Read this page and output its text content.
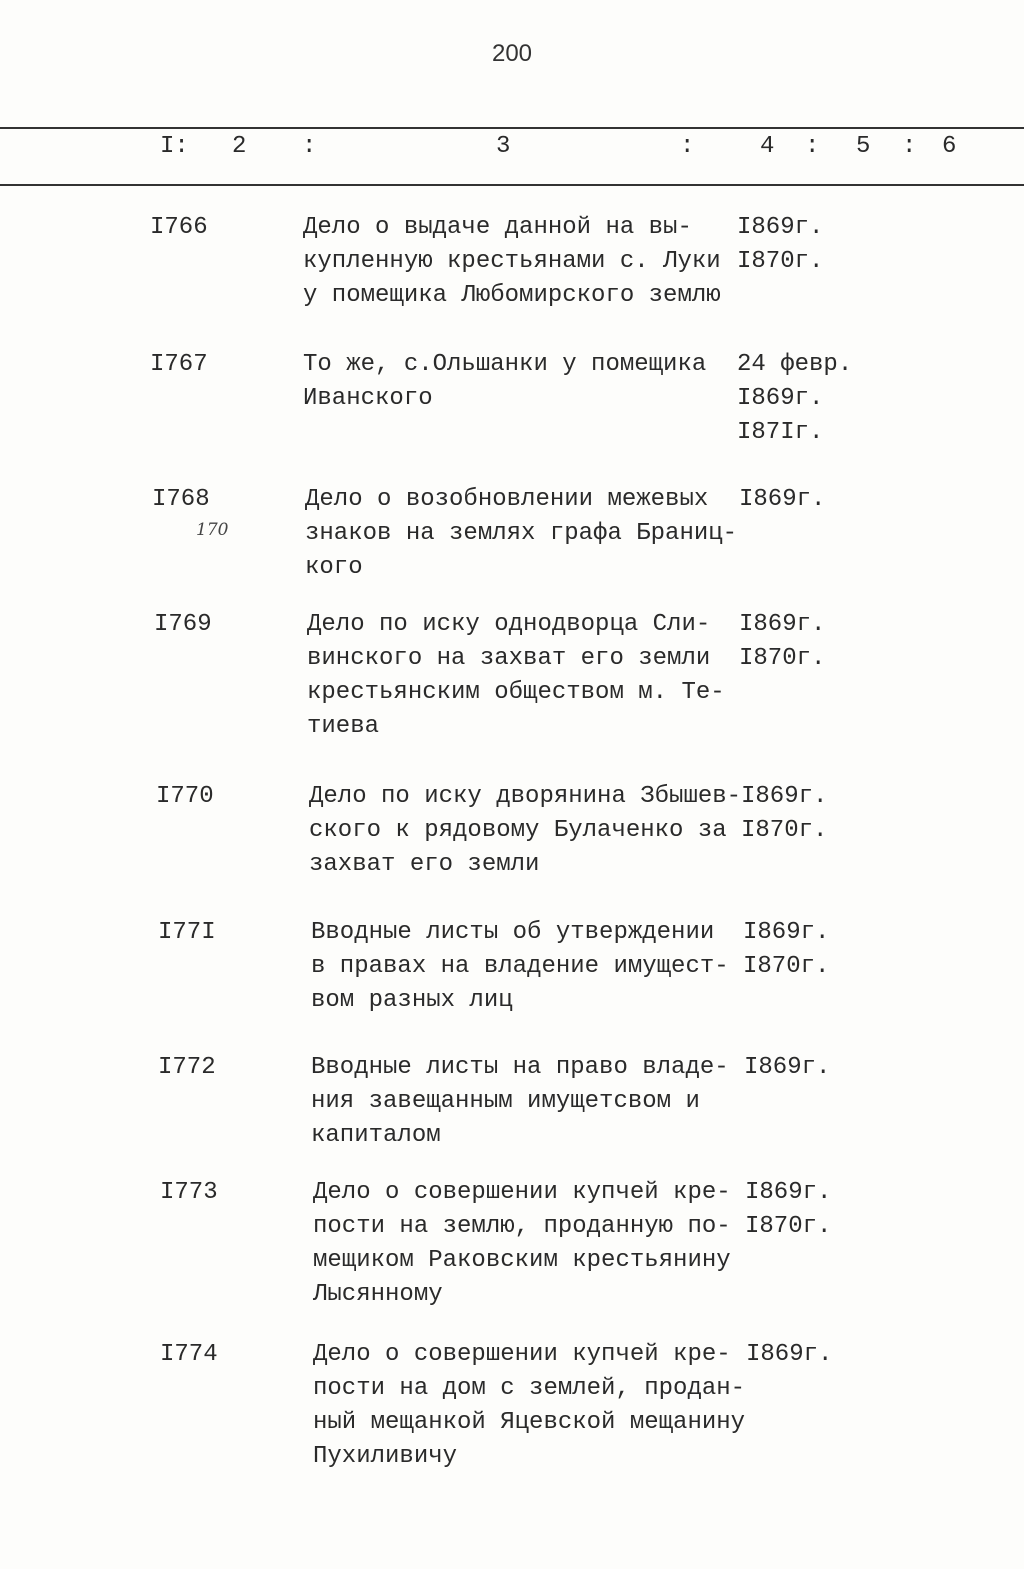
200
I: 2 :	3	:	4 : 5 : 6
I766	Дело о выдаче данной на вы-
купленную крестьянами с. Луки
у помещика Любомирского землю
I869г.
I870г.
I767	То же, с.Ольшанки у помещика
Иванского
24 февр.
I869г.
I87Iг.
I768	Дело о возобновлении межевых
знаков на землях графа Браниц-
кого
I869г.
170
I769	Дело по иску однодворца Сли-
винского на захват его земли
крестьянским обществом м. Те-
тиева
I869г.
I870г.
I770	Дело по иску дворянина Збышев-
ского к рядовому Булаченко за
захват его земли
I869г.
I870г.
I77I	Вводные листы об утверждении
в правах на владение имущест-
вом разных лиц
I869г.
I870г.
I772	Вводные листы на право владе-
ния завещанным имущетсвом и
капиталом
I869г.
I773	Дело о совершении купчей кре-
пости на землю, проданную по-
мещиком Раковским крестьянину
Лысянному
I869г.
I870г.
I774	Дело о совершении купчей кре-
пости на дом с землей, продан-
ный мещанкой Яцевской мещанину
Пухиливичу
I869г.
